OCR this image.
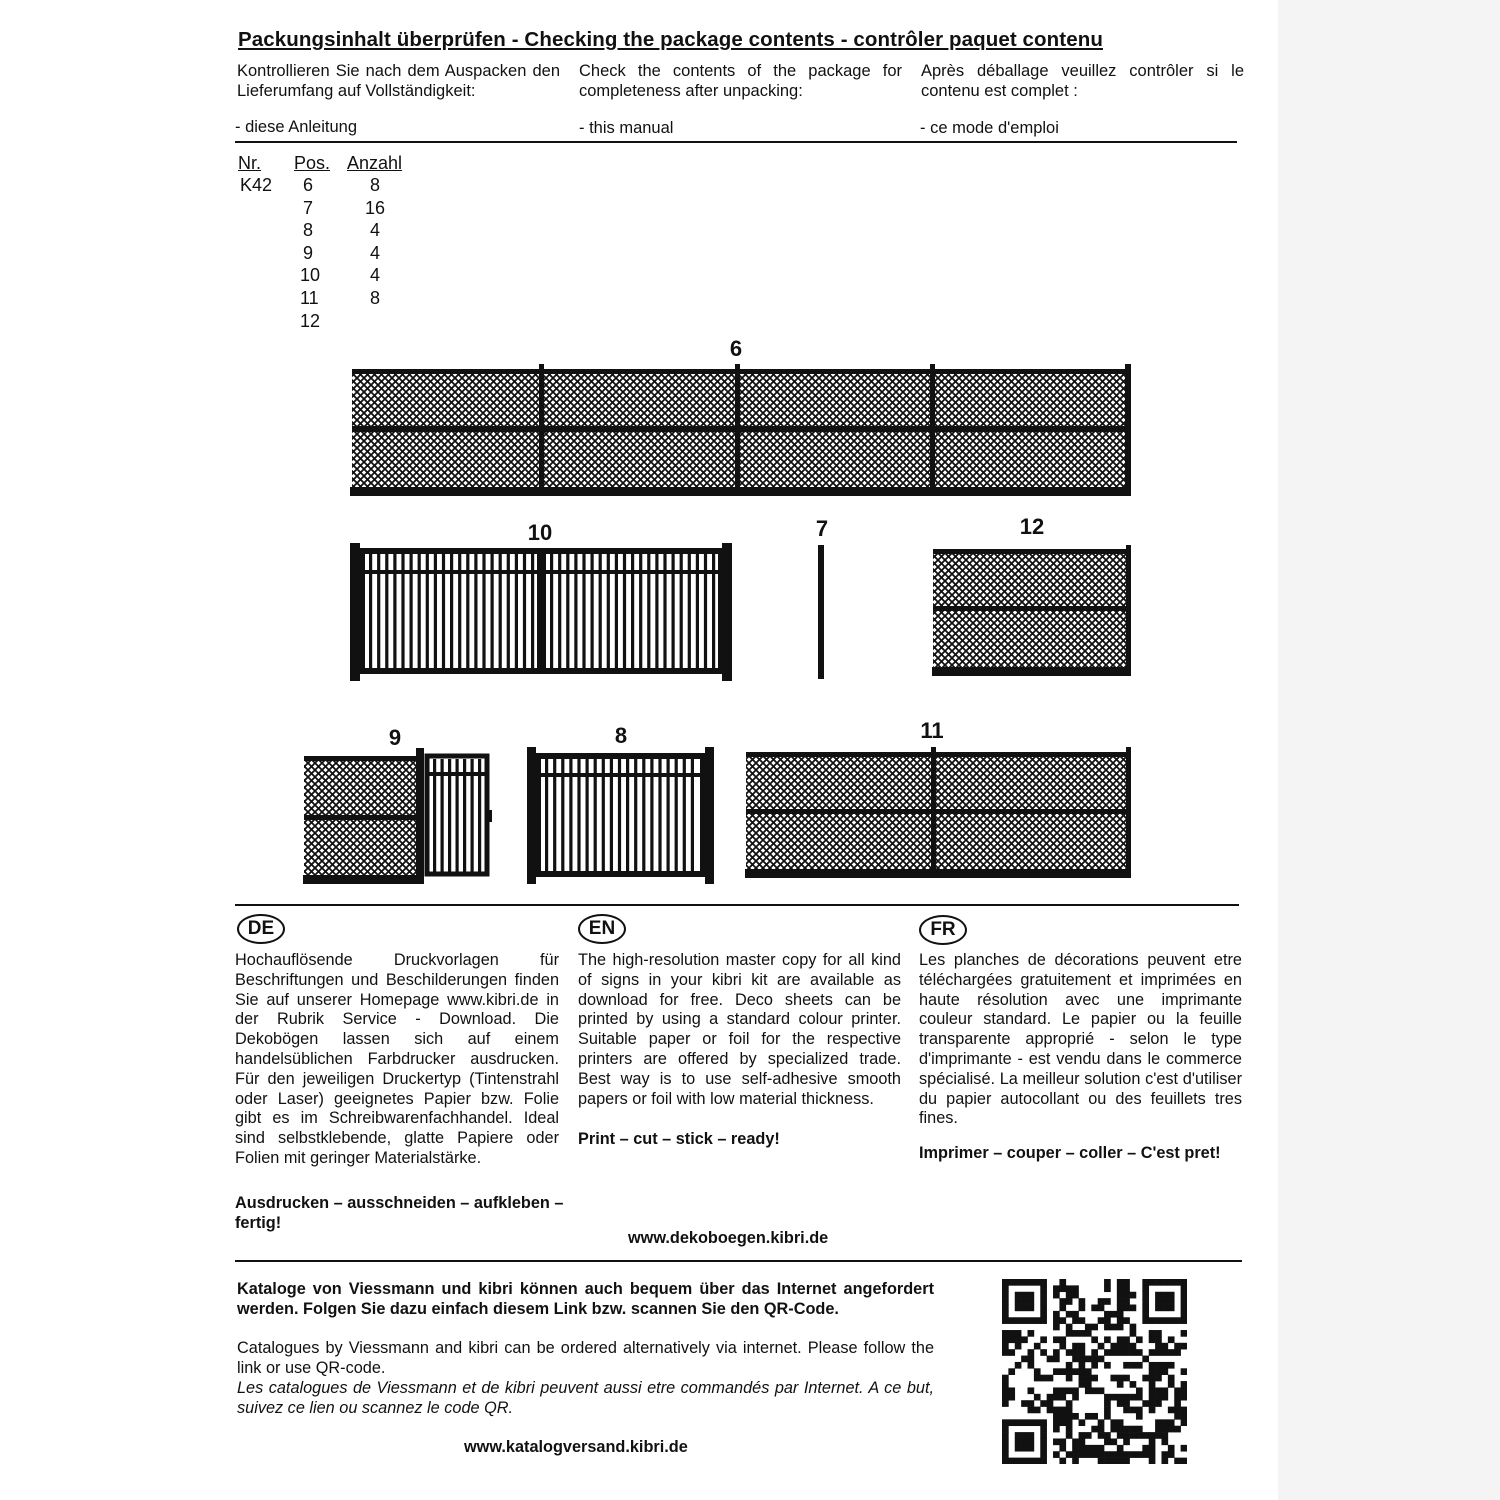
Packungsinhalt überprüfen - Checking the package contents - contrôler paquet contenu
Kontrollieren Sie nach dem Auspacken den Lieferumfang auf Vollständigkeit:
Check the contents of the package for completeness after unpacking:
Après déballage veuillez contrôler si le contenu est complet :
- diese Anleitung	- this manual	- ce mode d'emploi
Nr. Pos. Anzahl
K42 6	8
7	16
8	4
9	4
10	4
11	8
12
6
10	7	12
9	8	11
DE	EN	FR
Hochauflösende Druckvorlagen für Beschriftungen und Beschilderungen finden Sie auf unserer Homepage www.kibri.de in der Rubrik Service - Download. Die Dekobögen lassen sich auf einem handelsüblichen Farbdrucker ausdrucken. Für den jeweiligen Druckertyp (Tintenstrahl oder Laser) geeignetes Papier bzw. Folie gibt es im Schreibwarenfachhandel. Ideal sind selbstklebende, glatte Papiere oder Folien mit geringer Materialstärke.
Ausdrucken – ausschneiden – aufkleben – fertig!
The high-resolution master copy for all kind of signs in your kibri kit are available as download for free. Deco sheets can be printed by using a standard colour printer. Suitable paper or foil for the respective printers are offered by specialized trade. Best way is to use self-adhesive smooth papers or foil with low material thickness.
Print – cut – stick – ready!
Les planches de décorations peuvent etre téléchargées gratuitement et imprimées en haute résolution avec une imprimante couleur standard. Le papier ou la feuille transparente approprié - selon le type d'imprimante - est vendu dans le commerce spécialisé. La meilleur solution c'est d'utiliser du papier autocollant ou des feuillets tres fines.
Imprimer – couper – coller – C'est pret!
www.dekoboegen.kibri.de
Kataloge von Viessmann und kibri können auch bequem über das Internet angefordert werden. Folgen Sie dazu einfach diesem Link bzw. scannen Sie den QR-Code.
Catalogues by Viessmann and kibri can be ordered alternatively via internet. Please follow the link or use QR-code.
Les catalogues de Viessmann et de kibri peuvent aussi etre commandés par Internet. A ce but, suivez ce lien ou scannez le code QR.
www.katalogversand.kibri.de
